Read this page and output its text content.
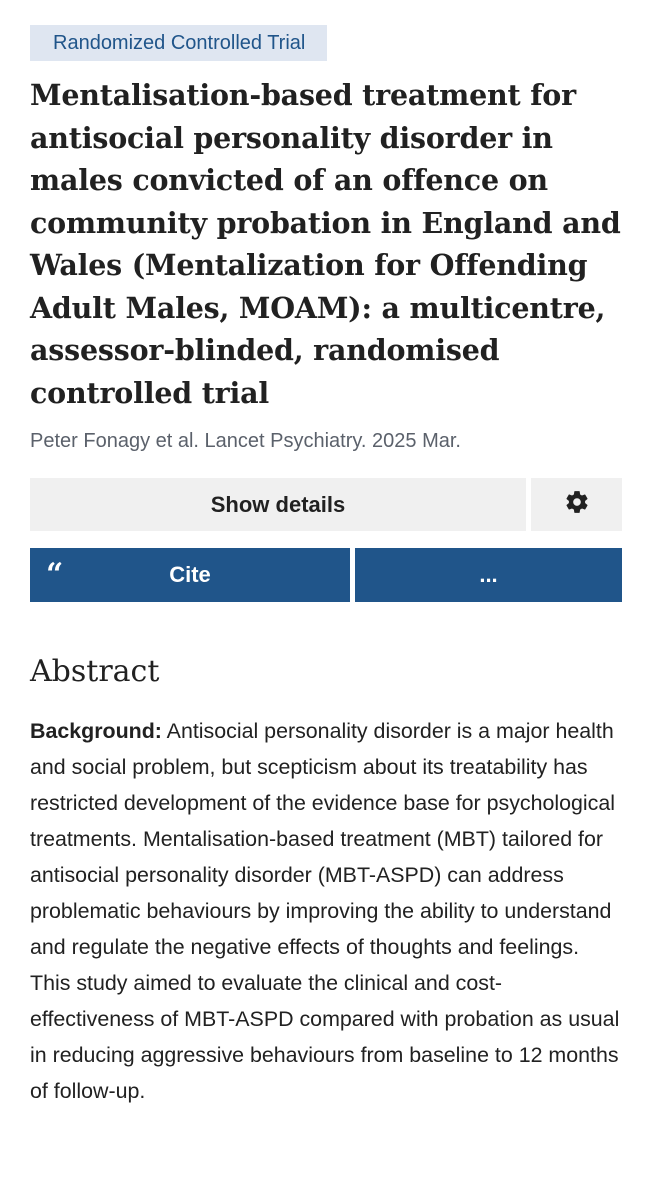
Randomized Controlled Trial
Mentalisation-based treatment for antisocial personality disorder in males convicted of an offence on community probation in England and Wales (Mentalization for Offending Adult Males, MOAM): a multicentre, assessor-blinded, randomised controlled trial
Peter Fonagy et al. Lancet Psychiatry. 2025 Mar.
Show details
“	Cite	...
Abstract

Background: Antisocial personality disorder is a major health and social problem, but scepticism about its treatability has restricted development of the evidence base for psychological treatments. Mentalisation-based treatment (MBT) tailored for antisocial personality disorder (MBT-ASPD) can address problematic behaviours by improving the ability to understand and regulate the negative effects of thoughts and feelings. This study aimed to evaluate the clinical and cost-effectiveness of MBT-ASPD compared with probation as usual in reducing aggressive behaviours from baseline to 12 months of follow-up.
